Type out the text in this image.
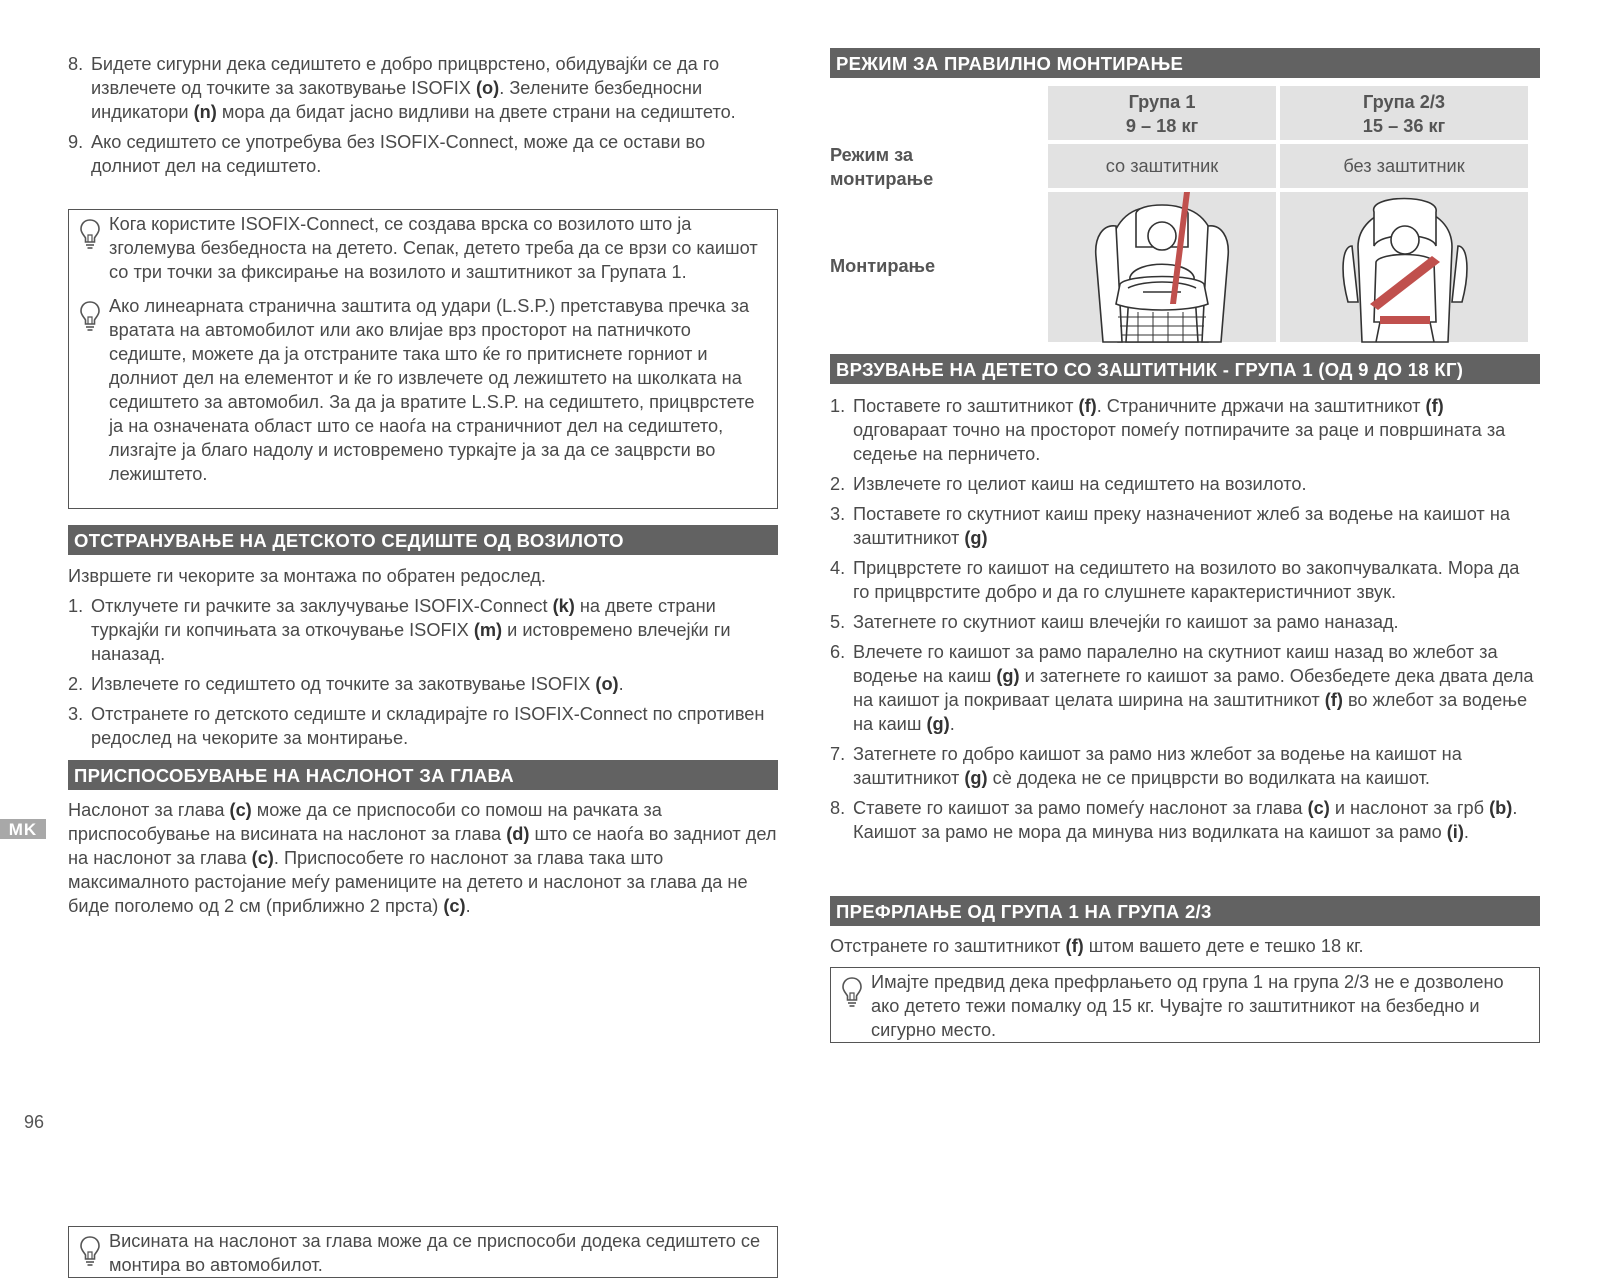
8. Бидете сигурни дека седиштето е добро прицврстено, обидувајќи се да го извлечете од точките за закотвување ISOFIX (o). Зелените безбедносни индикатори (n) мора да бидат јасно видливи на двете страни на седиштето.
9. Ако седиштето се употребува без ISOFIX-Connect, може да се остави во долниот дел на седиштето.
Кога користите ISOFIX-Connect, се создава врска со возилото што ја зголемува безбедноста на детето. Сепак, детето треба да се врзи со каишот со три точки за фиксирање на возилото и заштитникот за Групата 1.
Ако линеарната странична заштита од удари (L.S.P.) претставува пречка за вратата на автомобилот или ако влијае врз просторот на патничкото седиште, можете да ја отстраните така што ќе го притиснете горниот и долниот дел на елементот и ќе го извлечете од лежиштето на школката на седиштето за автомобил. За да ја вратите L.S.P. на седиштето, прицврстете ја на означената област што се наоѓа на страничниот дел на седиштето, лизгајте ја благо надолу и истовремено туркајте ја за да се зацврсти во лежиштето.
ОТСТРАНУВАЊЕ НА ДЕТСКОТО СЕДИШТЕ ОД ВОЗИЛОТО

Извршете ги чекорите за монтажа по обратен редослед.

1. Отклучете ги рачките за заклучување ISOFIX-Connect (k) на двете страни туркајќи ги копчињата за откочување ISOFIX (m) и истовремено влечејќи ги наназад.
2. Извлечете го седиштето од точките за закотвување ISOFIX (o).
3. Отстранете го детското седиште и складирајте го ISOFIX-Connect по спротивен редослед на чекорите за монтирање.
ПРИСПОСОБУВАЊЕ НА НАСЛОНОТ ЗА ГЛАВА

Наслонот за глава (c) може да се приспособи со помош на рачката за приспособување на висината на наслонот за глава (d) што се наоѓа во задниот дел на наслонот за глава (c). Приспособете го наслонот за глава така што максималното растојание меѓу рамениците на детето и наслонот за глава да не биде поголемо од 2 см (приближно 2 прста) (c).

Висината на наслонот за глава може да се приспособи додека седиштето се монтира во автомобилот.
РЕЖИМ ЗА ПРАВИЛНО МОНТИРАЊЕ
Група 1
9 – 18 кг
Група 2/3
15 – 36 кг
Режим за
монтирање
со заштитник	без заштитник
Монтирање
ВРЗУВАЊЕ НА ДЕТЕТО СО ЗАШТИТНИК - ГРУПА 1 (ОД 9 ДО 18 КГ)
1. Поставете го заштитникот (f). Страничните држачи на заштитникот (f) одговараат точно на просторот помеѓу потпирачите за раце и површината за седење на перничето.
2. Извлечете го целиот каиш на седиштето на возилото.
3. Поставете го скутниот каиш преку назначениот жлеб за водење на каишот на заштитникот (g)
4. Прицврстете го каишот на седиштето на возилото во закопчувалката. Мора да го прицврстите добро и да го слушнете карактеристичниот звук.
5. Затегнете го скутниот каиш влечејќи го каишот за рамо наназад.
6. Влечете го каишот за рамо паралелно на скутниот каиш назад во жлебот за водење на каиш (g) и затегнете го каишот за рамо. Обезбедете дека двата дела на каишот ја покриваат целата ширина на заштитникот (f) во жлебот за водење на каиш (g).
7. Затегнете го добро каишот за рамо низ жлебот за водење на каишот на заштитникот (g) сè додека не се прицврсти во водилката на каишот.
8. Ставете го каишот за рамо помеѓу наслонот за глава (c) и наслонот за грб (b). Каишот за рамо не мора да минува низ водилката на каишот за рамо (i).
ПРЕФРЛАЊЕ ОД ГРУПА 1 НА ГРУПА 2/3

Отстранете го заштитникот (f) штом вашето дете е тешко 18 кг.

Имајте предвид дека префрлањето од група 1 на група 2/3 не е дозволено ако детето тежи помалку од 15 кг. Чувајте го заштитникот на безбедно и сигурно место.
MK
96
